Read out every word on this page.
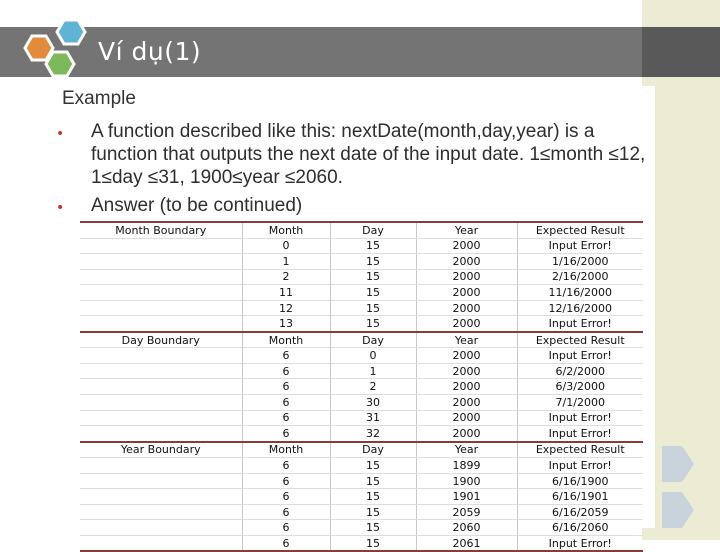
Ví dụ(1)
Example
• A function described like this: nextDate(month,day,year) is a function that outputs the next date of the input date. 1≤month ≤12, 1≤day ≤31, 1900≤year ≤2060.
• Answer (to be continued)
Month Boundary	Month	Day	Year	Expected Result
	0	15	2000	Input Error!
	1	15	2000	1/16/2000
	2	15	2000	2/16/2000
	11	15	2000	11/16/2000
	12	15	2000	12/16/2000
	13	15	2000	Input Error!
Day Boundary	Month	Day	Year	Expected Result
	6	0	2000	Input Error!
	6	1	2000	6/2/2000
	6	2	2000	6/3/2000
	6	30	2000	7/1/2000
	6	31	2000	Input Error!
	6	32	2000	Input Error!
Year Boundary	Month	Day	Year	Expected Result
	6	15	1899	Input Error!
	6	15	1900	6/16/1900
	6	15	1901	6/16/1901
	6	15	2059	6/16/2059
	6	15	2060	6/16/2060
	6	15	2061	Input Error!
